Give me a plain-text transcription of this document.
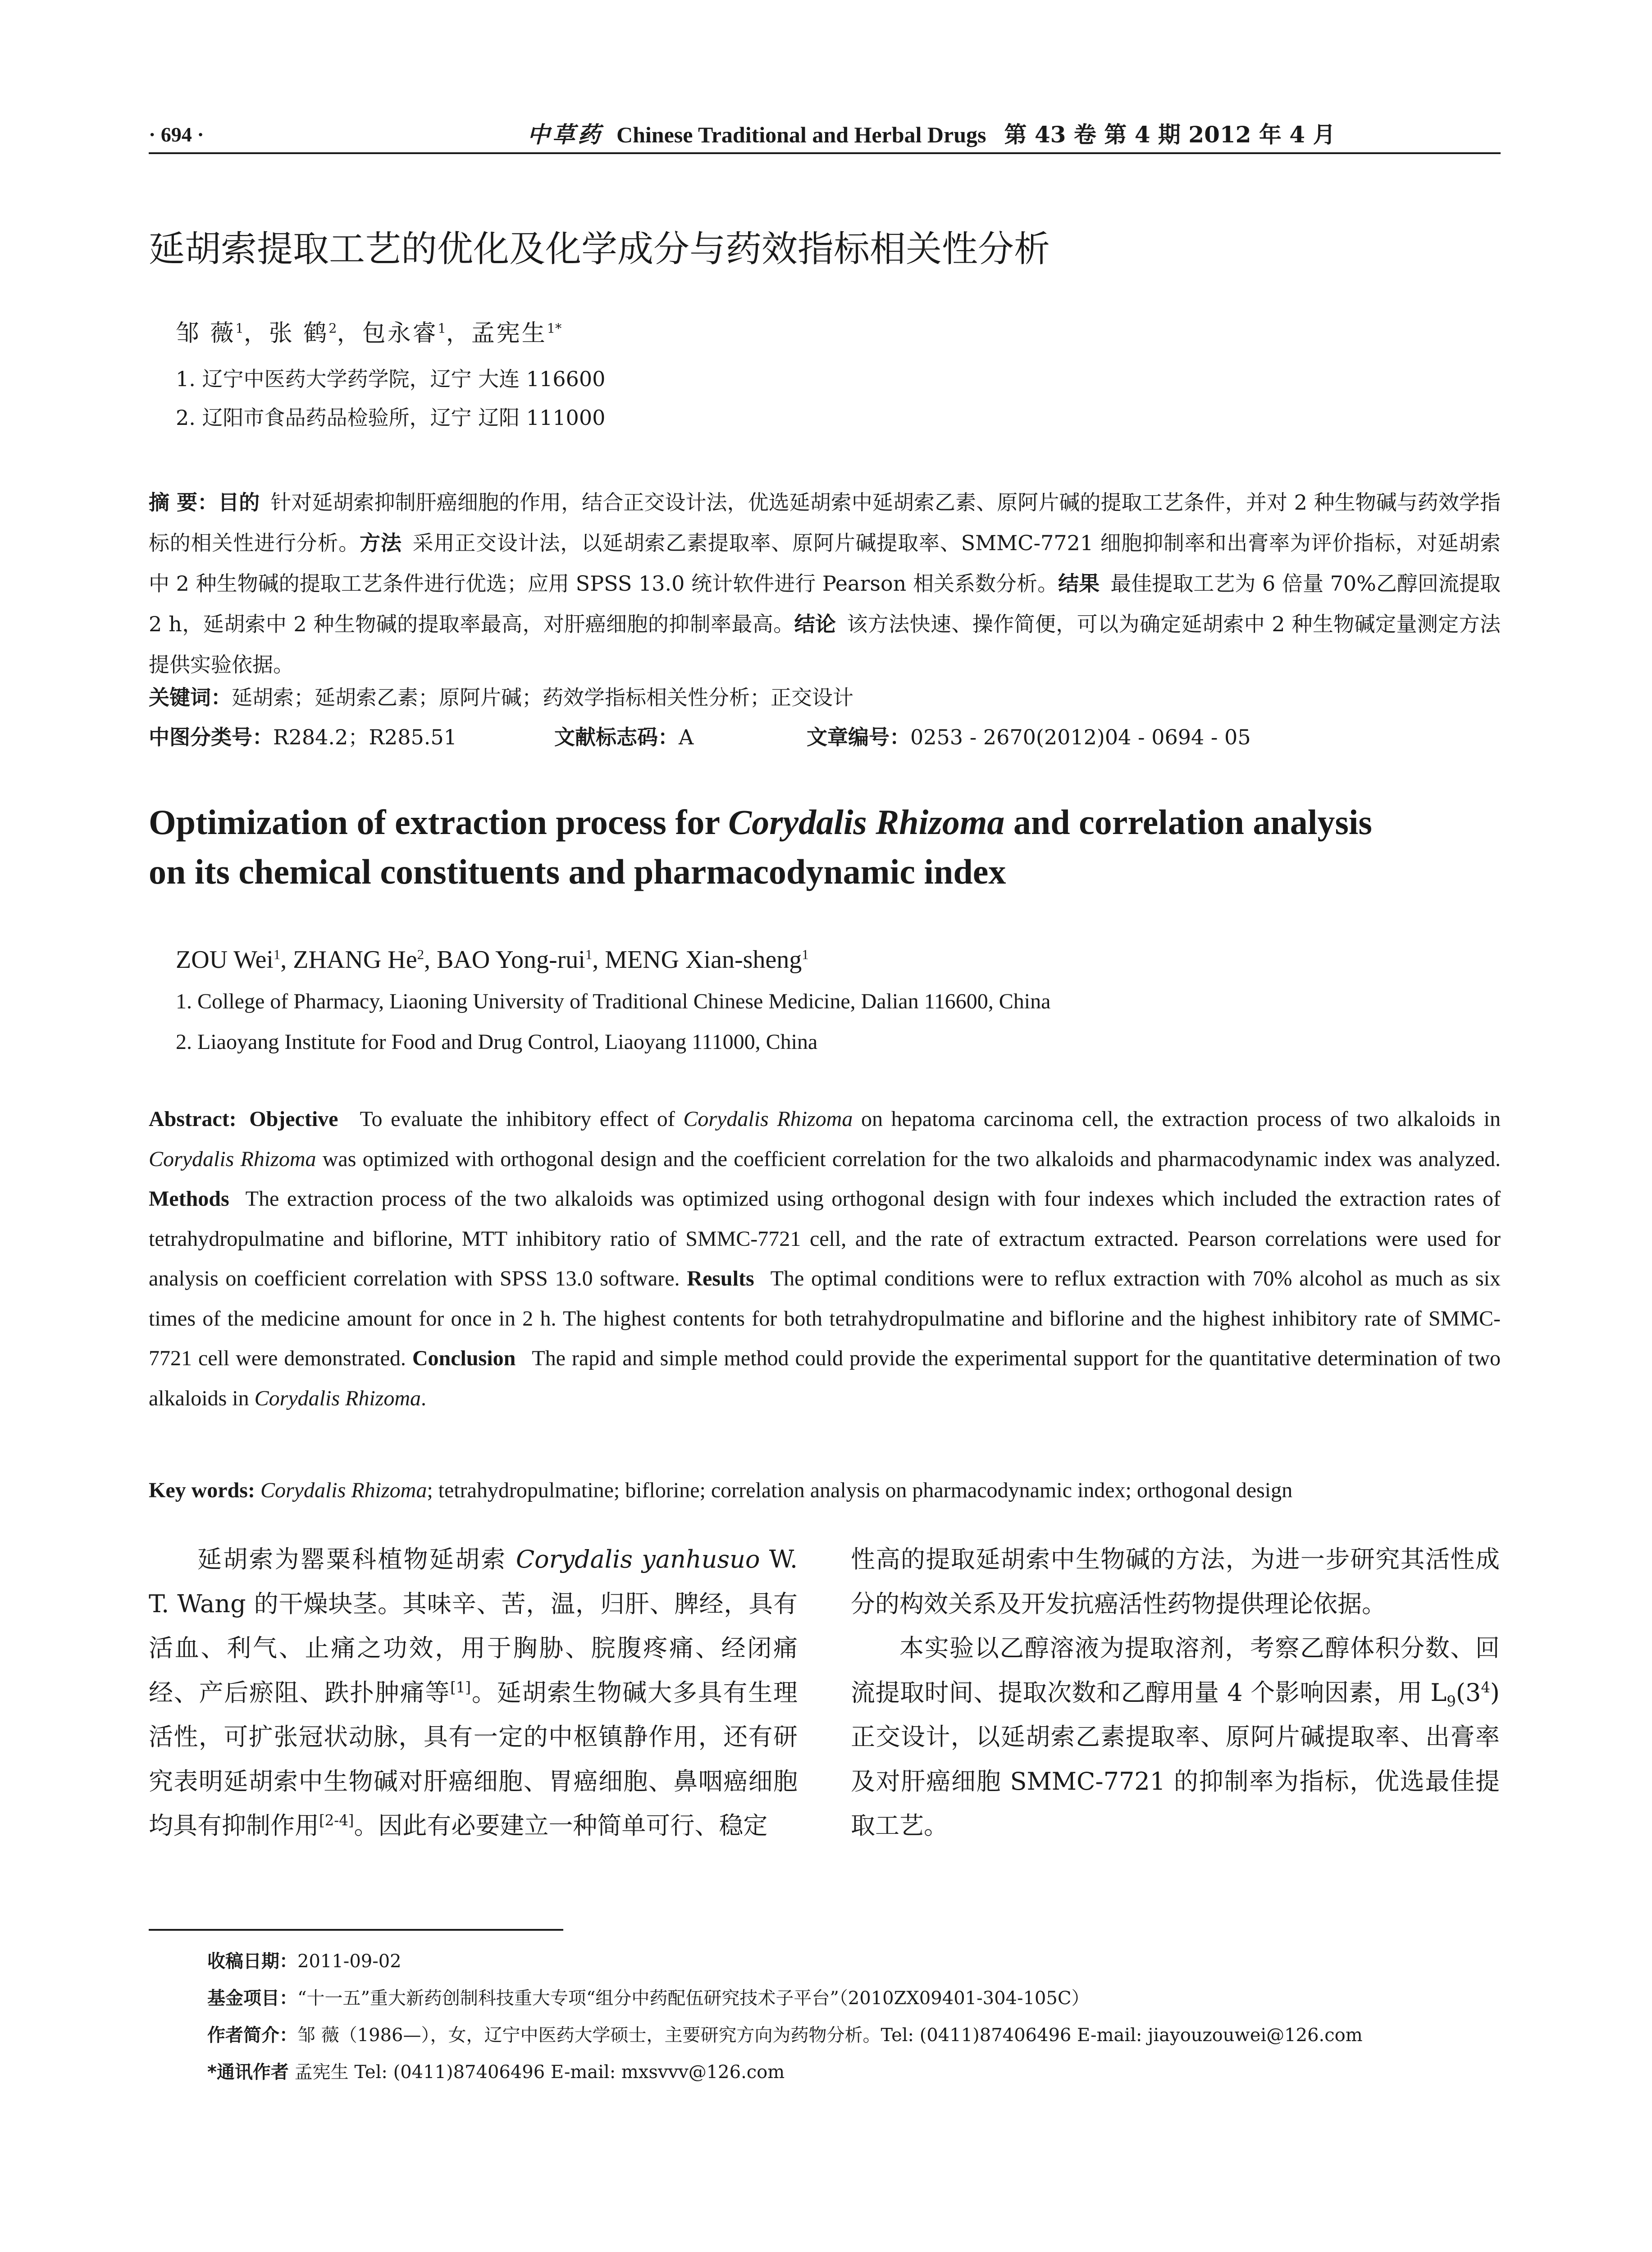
· 694 ·	中草药 Chinese Traditional and Herbal Drugs 第 43 卷 第 4 期 2012 年 4 月
延胡索提取工艺的优化及化学成分与药效指标相关性分析
邹 薇$^1$，张 鹤$^2$，包永睿$^1$，孟宪生$^{1*}$
1. 辽宁中医药大学药学院，辽宁 大连 116600
2. 辽阳市食品药品检验所，辽宁 辽阳 111000
摘 要：目的 针对延胡索抑制肝癌细胞的作用，结合正交设计法，优选延胡索中延胡索乙素、原阿片碱的提取工艺条件，并对 2 种生物碱与药效学指标的相关性进行分析。方法 采用正交设计法，以延胡索乙素提取率、原阿片碱提取率、SMMC-7721 细胞抑制率和出膏率为评价指标，对延胡索中 2 种生物碱的提取工艺条件进行优选；应用 SPSS 13.0 统计软件进行 Pearson 相关系数分析。结果 最佳提取工艺为 6 倍量 70%乙醇回流提取 2 h，延胡索中 2 种生物碱的提取率最高，对肝癌细胞的抑制率最高。结论 该方法快速、操作简便，可以为确定延胡索中 2 种生物碱定量测定方法提供实验依据。
关键词：延胡索；延胡索乙素；原阿片碱；药效学指标相关性分析；正交设计
中图分类号：R284.2；R285.51	文献标志码：A	文章编号：0253 - 2670(2012)04 - 0694 - 05
Optimization of extraction process for Corydalis Rhizoma and correlation analysis
on its chemical constituents and pharmacodynamic index
ZOU Wei$^1$, ZHANG He$^2$, BAO Yong-rui$^1$, MENG Xian-sheng$^1$
1. College of Pharmacy, Liaoning University of Traditional Chinese Medicine, Dalian 116600, China
2. Liaoyang Institute for Food and Drug Control, Liaoyang 111000, China
Abstract: Objective To evaluate the inhibitory effect of Corydalis Rhizoma on hepatoma carcinoma cell, the extraction process of two alkaloids in Corydalis Rhizoma was optimized with orthogonal design and the coefficient correlation for the two alkaloids and pharmacodynamic index was analyzed. Methods The extraction process of the two alkaloids was optimized using orthogonal design with four indexes which included the extraction rates of tetrahydropulmatine and biflorine, MTT inhibitory ratio of SMMC-7721 cell, and the rate of extractum extracted. Pearson correlations were used for analysis on coefficient correlation with SPSS 13.0 software. Results The optimal conditions were to reflux extraction with 70% alcohol as much as six times of the medicine amount for once in 2 h. The highest contents for both tetrahydropulmatine and biflorine and the highest inhibitory rate of SMMC-7721 cell were demonstrated. Conclusion The rapid and simple method could provide the experimental support for the quantitative determination of two alkaloids in Corydalis Rhizoma.
Key words: Corydalis Rhizoma; tetrahydropulmatine; biflorine; correlation analysis on pharmacodynamic index; orthogonal design

延胡索为罂粟科植物延胡索 Corydalis yanhusuo W. T. Wang 的干燥块茎。其味辛、苦，温，归肝、脾经，具有活血、利气、止痛之功效，用于胸胁、脘腹疼痛、经闭痛经、产后瘀阻、跌扑肿痛等[1]。延胡索生物碱大多具有生理活性，可扩张冠状动脉，具有一定的中枢镇静作用，还有研究表明延胡索中生物碱对肝癌细胞、胃癌细胞、鼻咽癌细胞均具有抑制作用[2-4]。因此有必要建立一种简单可行、稳定

性高的提取延胡索中生物碱的方法，为进一步研究其活性成分的构效关系及开发抗癌活性药物提供理论依据。

本实验以乙醇溶液为提取溶剂，考察乙醇体积分数、回流提取时间、提取次数和乙醇用量 4 个影响因素，用 $L_9(3^4)$ 正交设计，以延胡索乙素提取率、原阿片碱提取率、出膏率及对肝癌细胞 SMMC-7721 的抑制率为指标，优选最佳提取工艺。

收稿日期：2011-09-02
基金项目：“十一五”重大新药创制科技重大专项“组分中药配伍研究技术子平台”（2010ZX09401-304-105C）
作者简介：邹 薇（1986—），女，辽宁中医药大学硕士，主要研究方向为药物分析。Tel: (0411)87406496 E-mail: jiayouzouwei@126.com
*通讯作者 孟宪生 Tel: (0411)87406496 E-mail: mxsvvv@126.com
